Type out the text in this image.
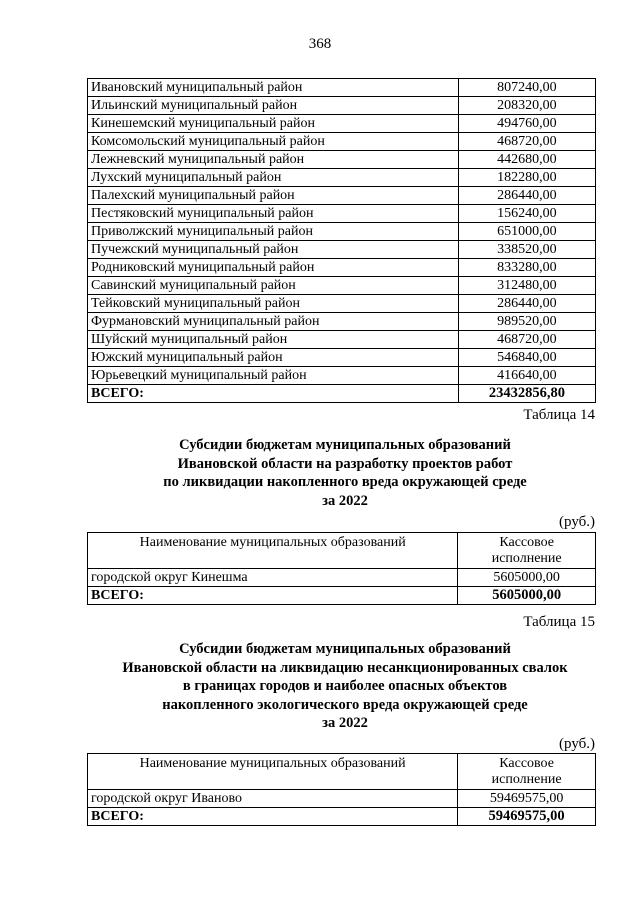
368
Ивановский муниципальный район	807240,00
Ильинский муниципальный район	208320,00
Кинешемский муниципальный район	494760,00
Комсомольский муниципальный район	468720,00
Лежневский муниципальный район	442680,00
Лухский муниципальный район	182280,00
Палехский муниципальный район	286440,00
Пестяковский муниципальный район	156240,00
Приволжский муниципальный район	651000,00
Пучежский муниципальный район	338520,00
Родниковский муниципальный район	833280,00
Савинский муниципальный район	312480,00
Тейковский муниципальный район	286440,00
Фурмановский муниципальный район	989520,00
Шуйский муниципальный район	468720,00
Южский муниципальный район	546840,00
Юрьевецкий муниципальный район	416640,00
ВСЕГО:	23432856,80
Таблица 14
Субсидии бюджетам муниципальных образований
Ивановской области на разработку проектов работ
по ликвидации накопленного вреда окружающей среде
за 2022
(руб.)
Наименование муниципальных образований	Кассовое
исполнение
городской округ Кинешма	5605000,00
ВСЕГО:	5605000,00
Таблица 15
Субсидии бюджетам муниципальных образований
Ивановской области на ликвидацию несанкционированных свалок
в границах городов и наиболее опасных объектов
накопленного экологического вреда окружающей среде
за 2022
(руб.)
Наименование муниципальных образований	Кассовое
исполнение
городской округ Иваново	59469575,00
ВСЕГО:	59469575,00
